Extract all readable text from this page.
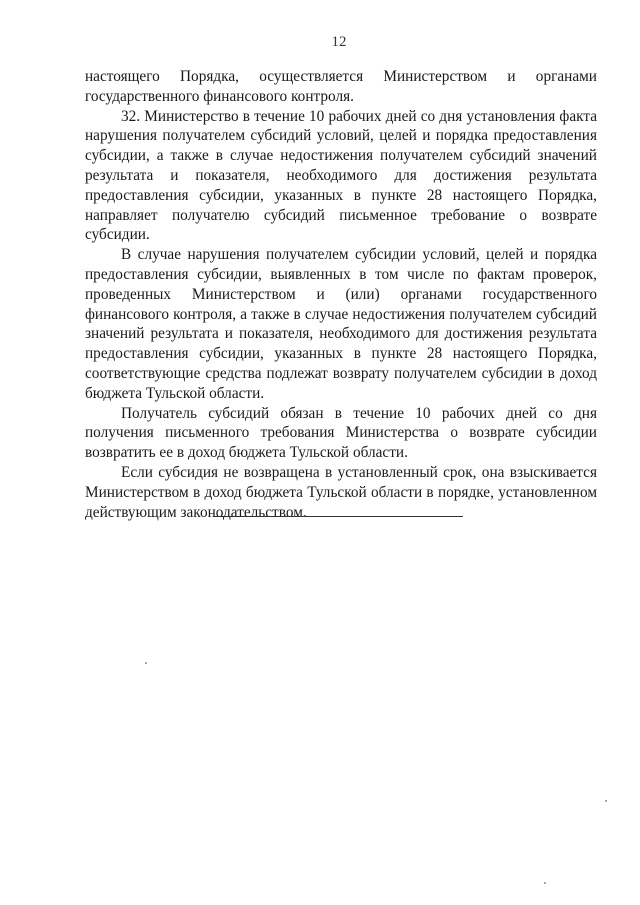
12

настоящего Порядка, осуществляется Министерством и органами государственного финансового контроля.

32. Министерство в течение 10 рабочих дней со дня установления факта нарушения получателем субсидий условий, целей и порядка предоставления субсидии, а также в случае недостижения получателем субсидий значений результата и показателя, необходимого для достижения результата предоставления субсидии, указанных в пункте 28 настоящего Порядка, направляет получателю субсидий письменное требование о возврате субсидии.

В случае нарушения получателем субсидии условий, целей и порядка предоставления субсидии, выявленных в том числе по фактам проверок, проведенных Министерством и (или) органами государственного финансового контроля, а также в случае недостижения получателем субсидий значений результата и показателя, необходимого для достижения результата предоставления субсидии, указанных в пункте 28 настоящего Порядка, соответствующие средства подлежат возврату получателем субсидии в доход бюджета Тульской области.

Получатель субсидий обязан в течение 10 рабочих дней со дня получения письменного требования Министерства о возврате субсидии возвратить ее в доход бюджета Тульской области.

Если субсидия не возвращена в установленный срок, она взыскивается Министерством в доход бюджета Тульской области в порядке, установленном действующим законодательством.
